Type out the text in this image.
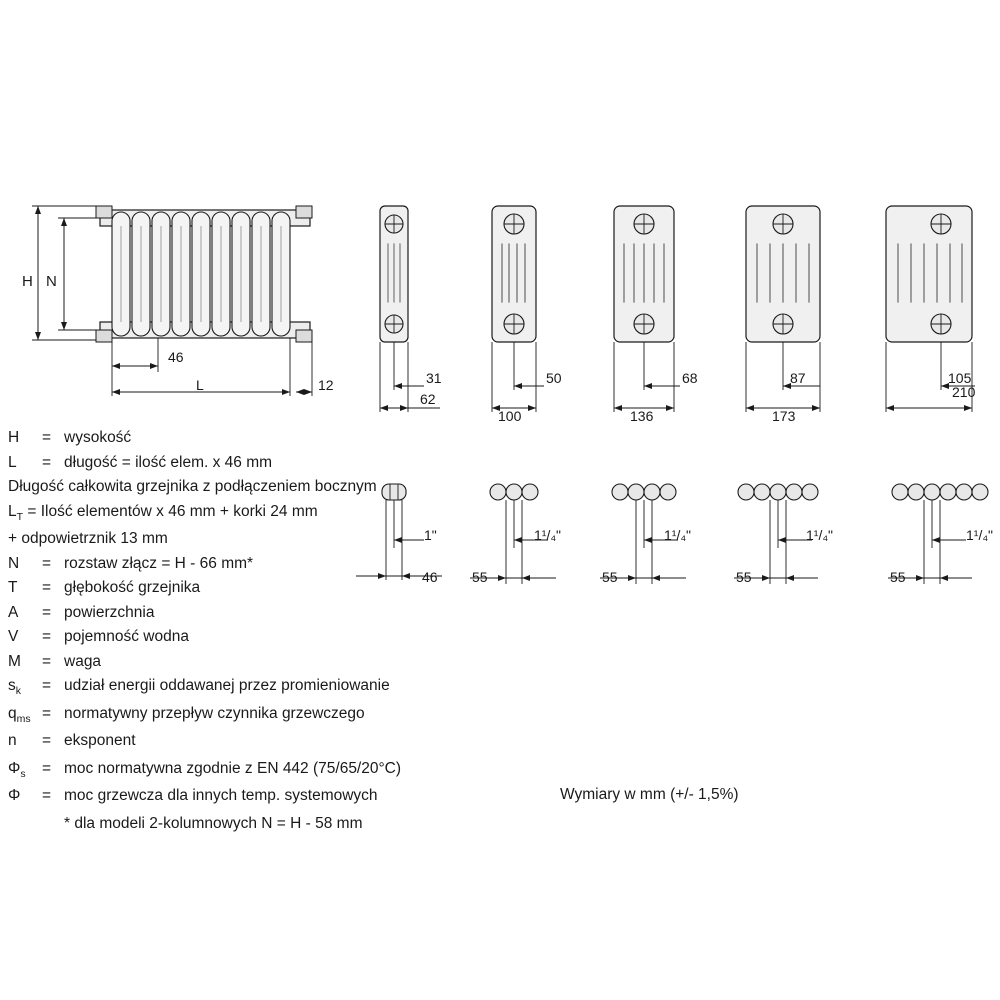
H N
46
L	12	31	50	68	87	105
62
100	136	173
210
1"	1¹/₄"	1¹/₄"	1¹/₄"	1¹/₄"
46 55	55	55	55
H	= wysokość
L	= długość = ilość elem. x 46 mm
Długość całkowita grzejnika z podłączeniem bocznym
$L_T$ = Ilość elementów x 46 mm + korki 24 mm
+ odpowietrznik 13 mm
N	= rozstaw złącz = H - 66 mm*
T	= głębokość grzejnika
A	= powierzchnia
V	= pojemność wodna
M	= waga
$s_k$	= udział energii oddawanej przez promieniowanie
$q_{ms}$ = normatywny przepływ czynnika grzewczego
n	= eksponent
$\Phi_s$	= moc normatywna zgodnie z EN 442 (75/65/20°C)
Φ	= moc grzewcza dla innych temp. systemowych
* dla modeli 2-kolumnowych N = H - 58 mm
Wymiary w mm (+/- 1,5%)
